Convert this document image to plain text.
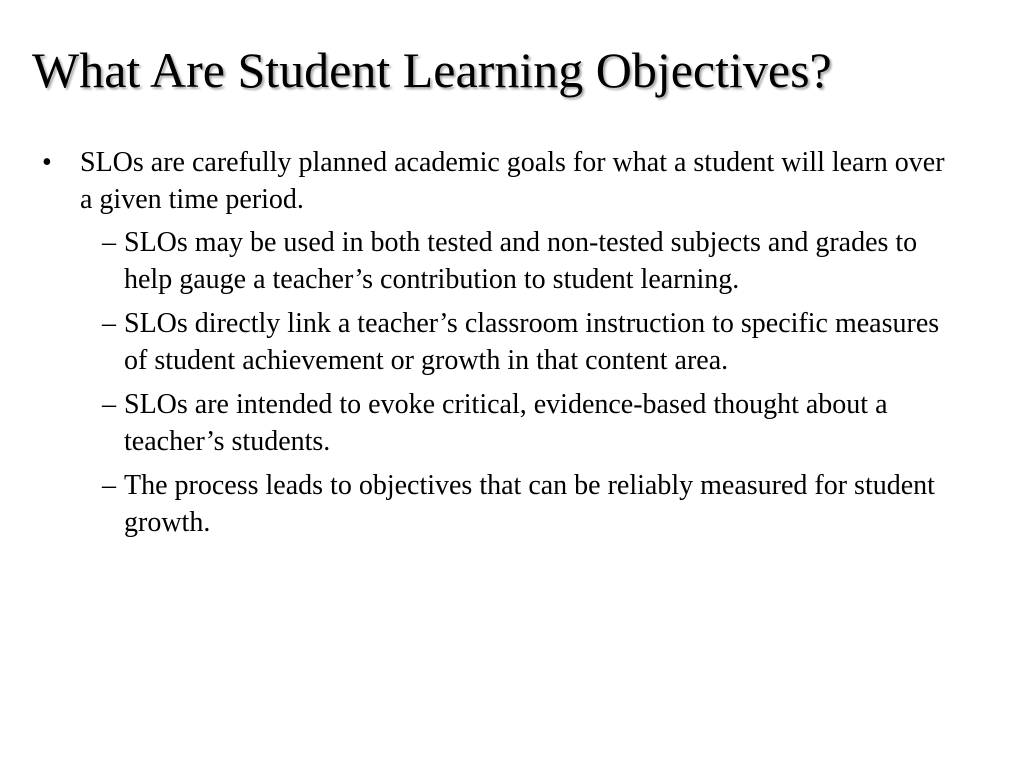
What Are Student Learning Objectives?
• SLOs are carefully planned academic goals for what a student will learn over a given time period.
– SLOs may be used in both tested and non-tested subjects and grades to help gauge a teacher’s contribution to student learning.
– SLOs directly link a teacher’s classroom instruction to specific measures of student achievement or growth in that content area.
– SLOs are intended to evoke critical, evidence-based thought about a teacher’s students.
– The process leads to objectives that can be reliably measured for student growth.
